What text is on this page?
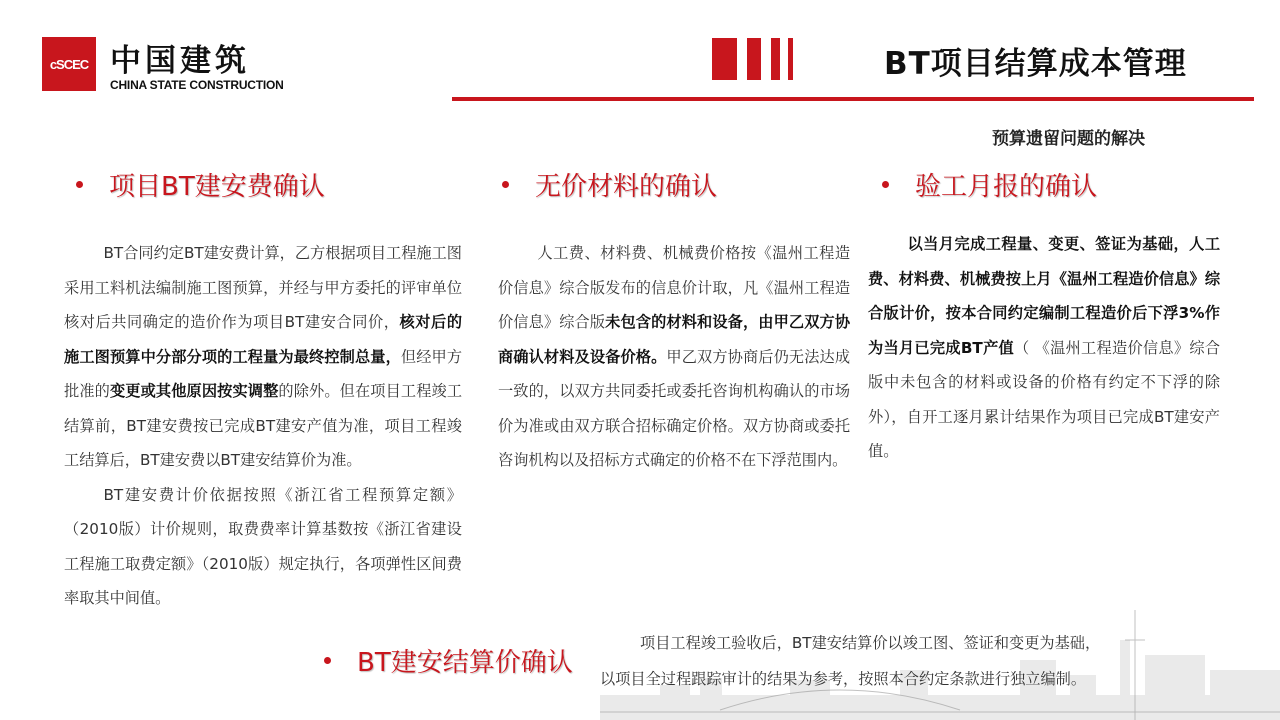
cSCEC 中国建筑
CHINA STATE CONSTRUCTION
BT项目结算成本管理
预算遗留问题的解决
项目BT建安费确认	无价材料的确认	验工月报的确认
BT建安结算价确认

BT合同约定BT建安费计算，乙方根据项目工程施工图采用工料机法编制施工图预算，并经与甲方委托的评审单位核对后共同确定的造价作为项目BT建安合同价，核对后的施工图预算中分部分项的工程量为最终控制总量，但经甲方批准的变更或其他原因按实调整的除外。但在项目工程竣工结算前，BT建安费按已完成BT建安产值为准，项目工程竣工结算后，BT建安费以BT建安结算价为准。

BT建安费计价依据按照《浙江省工程预算定额》（2010版）计价规则，取费费率计算基数按《浙江省建设工程施工取费定额》（2010版）规定执行，各项弹性区间费率取其中间值。

人工费、材料费、机械费价格按《温州工程造价信息》综合版发布的信息价计取，凡《温州工程造价信息》综合版未包含的材料和设备，由甲乙双方协商确认材料及设备价格。甲乙双方协商后仍无法达成一致的，以双方共同委托或委托咨询机构确认的市场价为准或由双方联合招标确定价格。双方协商或委托咨询机构以及招标方式确定的价格不在下浮范围内。

以当月完成工程量、变更、签证为基础，人工费、材料费、机械费按上月《温州工程造价信息》综合版计价，按本合同约定编制工程造价后下浮3%作为当月已完成BT产值（ 《温州工程造价信息》综合版中未包含的材料或设备的价格有约定不下浮的除外），自开工逐月累计结果作为项目已完成BT建安产值。

项目工程竣工验收后，BT建安结算价以竣工图、签证和变更为基础，
以项目全过程跟踪审计的结果为参考，按照本合约定条款进行独立编制。
